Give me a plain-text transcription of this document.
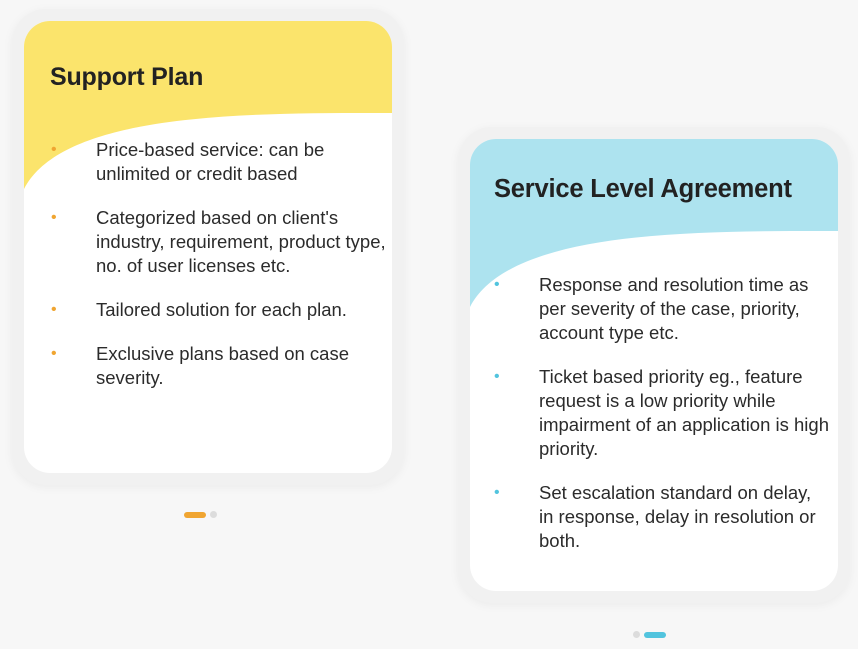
Support Plan
• Price-based service: can be unlimited or credit based
• Categorized based on client's industry, requirement, product type, no. of user licenses etc.
• Tailored solution for each plan.
• Exclusive plans based on case severity.
Service Level Agreement
• Response and resolution time as per severity of the case, priority, account type etc.
• Ticket based priority eg., feature request is a low priority while impairment of an application is high priority.
• Set escalation standard on delay, in response, delay in resolution or both.
